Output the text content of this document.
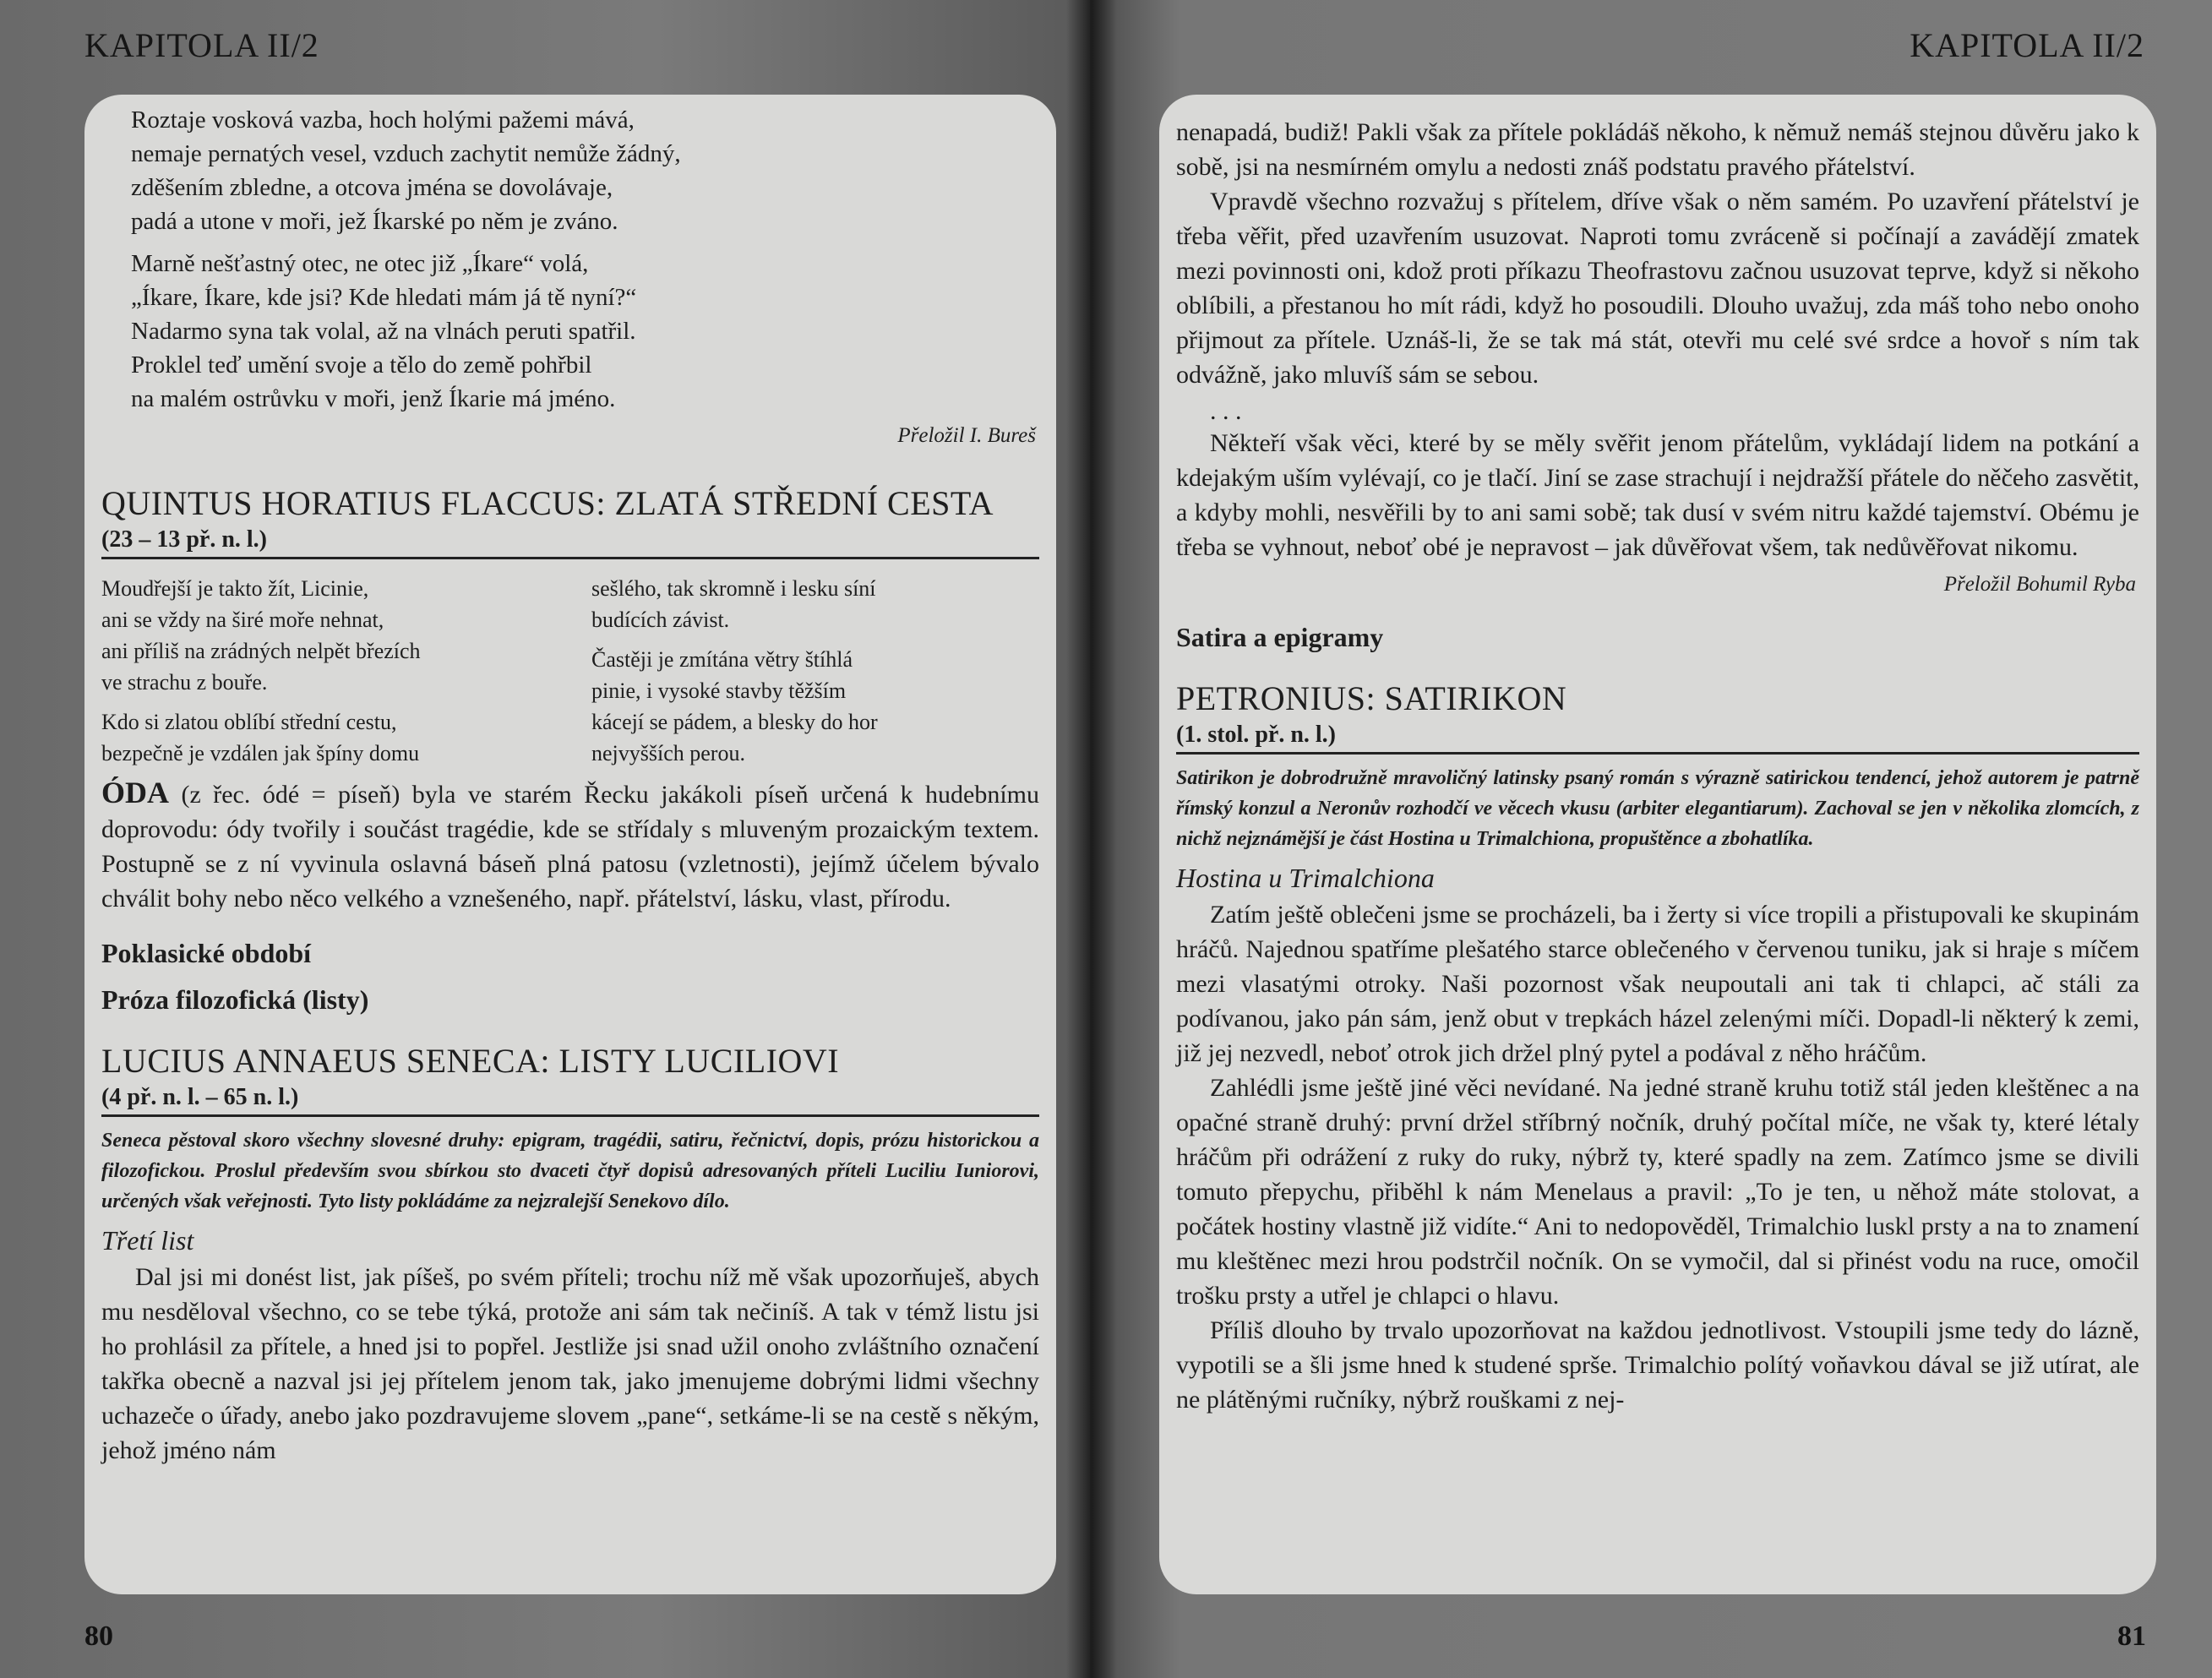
KAPITOLA II/2

Roztaje vosková vazba, hoch holými pažemi mává,

nemaje pernatých vesel, vzduch zachytit nemůže žádný,

zděšením zbledne, a otcova jména se dovolávaje,

padá a utone v moři, jež Íkarské po něm je zváno.

Marně nešťastný otec, ne otec již „Íkare“ volá,

„Íkare, Íkare, kde jsi? Kde hledati mám já tě nyní?“

Nadarmo syna tak volal, až na vlnách peruti spatřil.

Proklel teď umění svoje a tělo do země pohřbil

na malém ostrůvku v moři, jenž Íkarie má jméno.

Přeložil I. Bureš
QUINTUS HORATIUS FLACCUS: ZLATÁ STŘEDNÍ CESTA
(23 – 13 př. n. l.)

Moudřejší je takto žít, Licinie,

ani se vždy na širé moře nehnat,

ani příliš na zrádných nelpět březích

ve strachu z bouře.

Kdo si zlatou oblíbí střední cestu,

bezpečně je vzdálen jak špíny domu

sešlého, tak skromně i lesku síní

budících závist.

Častěji je zmítána větry štíhlá

pinie, i vysoké stavby těžším

kácejí se pádem, a blesky do hor

nejvyšších perou.

ÓDA (z řec. ódé = píseň) byla ve starém Řecku jakákoli píseň určená k hudebnímu doprovodu: ódy tvořily i součást tragédie, kde se střídaly s mluveným prozaickým textem. Postupně se z ní vyvinula oslavná báseň plná patosu (vzletnosti), jejímž účelem bývalo chválit bohy nebo něco velkého a vznešeného, např. přátelství, lásku, vlast, přírodu.

Poklasické období
Próza filozofická (listy)
LUCIUS ANNAEUS SENECA: LISTY LUCILIOVI
(4 př. n. l. – 65 n. l.)

Seneca pěstoval skoro všechny slovesné druhy: epigram, tragédii, satiru, řečnictví, dopis, prózu historickou a filozofickou. Proslul především svou sbírkou sto dvaceti čtyř dopisů adresovaných příteli Luciliu Iuniorovi, určených však veřejnosti. Tyto listy pokládáme za nejzralejší Senekovo dílo.

Třetí list

Dal jsi mi donést list, jak píšeš, po svém příteli; trochu níž mě však upozorňuješ, abych mu nesděloval všechno, co se tebe týká, protože ani sám tak nečiníš. A tak v témž listu jsi ho prohlásil za přítele, a hned jsi to popřel. Jestliže jsi snad užil onoho zvláštního označení takřka obecně a nazval jsi jej přítelem jenom tak, jako jmenujeme dobrými lidmi všechny uchazeče o úřady, anebo jako pozdravujeme slovem „pane“, setkáme-li se na cestě s někým, jehož jméno nám

80
KAPITOLA II/2

nenapadá, budiž! Pakli však za přítele pokládáš někoho, k němuž nemáš stejnou důvěru jako k sobě, jsi na nesmírném omylu a nedosti znáš podstatu pravého přátelství.

Vpravdě všechno rozvažuj s přítelem, dříve však o něm samém. Po uzavření přátelství je třeba věřit, před uzavřením usuzovat. Naproti tomu zvráceně si počínají a zavádějí zmatek mezi povinnosti oni, kdož proti příkazu Theofrastovu začnou usuzovat teprve, když si někoho oblíbili, a přestanou ho mít rádi, když ho posoudili. Dlouho uvažuj, zda máš toho nebo onoho přijmout za přítele. Uznáš-li, že se tak má stát, otevři mu celé své srdce a hovoř s ním tak odvážně, jako mluvíš sám se sebou.

. . .

Někteří však věci, které by se měly svěřit jenom přátelům, vykládají lidem na potkání a kdejakým uším vylévají, co je tlačí. Jiní se zase strachují i nejdražší přátele do něčeho zasvětit, a kdyby mohli, nesvěřili by to ani sami sobě; tak dusí v svém nitru každé tajemství. Obému je třeba se vyhnout, neboť obé je nepravost – jak důvěřovat všem, tak nedůvěřovat nikomu.

Přeložil Bohumil Ryba
Satira a epigramy
PETRONIUS: SATIRIKON
(1. stol. př. n. l.)

Satirikon je dobrodružně mravoličný latinsky psaný román s výrazně satirickou tendencí, jehož autorem je patrně římský konzul a Neronův rozhodčí ve věcech vkusu (arbiter elegantiarum). Zachoval se jen v několika zlomcích, z nichž nejznámější je část Hostina u Trimalchiona, propuštěnce a zbohatlíka.

Hostina u Trimalchiona

Zatím ještě oblečeni jsme se procházeli, ba i žerty si více tropili a přistupovali ke skupinám hráčů. Najednou spatříme plešatého starce oblečeného v červenou tuniku, jak si hraje s míčem mezi vlasatými otroky. Naši pozornost však neupoutali ani tak ti chlapci, ač stáli za podívanou, jako pán sám, jenž obut v trepkách házel zelenými míči. Dopadl-li některý k zemi, již jej nezvedl, neboť otrok jich držel plný pytel a podával z něho hráčům.

Zahlédli jsme ještě jiné věci nevídané. Na jedné straně kruhu totiž stál jeden kleštěnec a na opačné straně druhý: první držel stříbrný nočník, druhý počítal míče, ne však ty, které létaly hráčům při odrážení z ruky do ruky, nýbrž ty, které spadly na zem. Zatímco jsme se divili tomuto přepychu, přiběhl k nám Menelaus a pravil: „To je ten, u něhož máte stolovat, a počátek hostiny vlastně již vidíte.“ Ani to nedopověděl, Trimalchio luskl prsty a na to znamení mu kleštěnec mezi hrou podstrčil nočník. On se vymočil, dal si přinést vodu na ruce, omočil trošku prsty a utřel je chlapci o hlavu.

Příliš dlouho by trvalo upozorňovat na každou jednotlivost. Vstoupili jsme tedy do lázně, vypotili se a šli jsme hned k studené sprše. Trimalchio polítý voňavkou dával se již utírat, ale ne plátěnými ručníky, nýbrž rouškami z nej-

81
